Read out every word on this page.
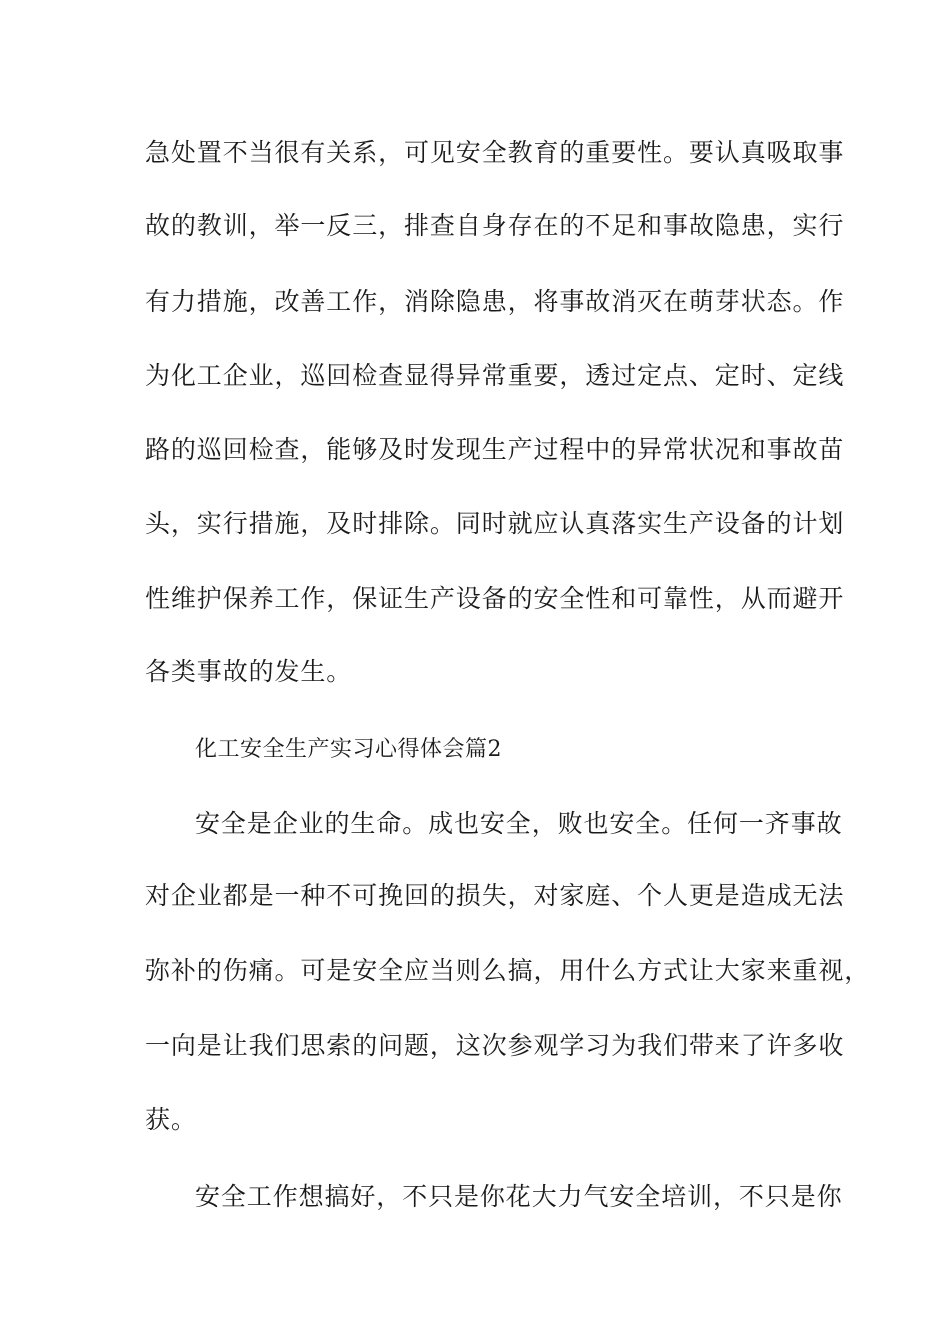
急处置不当很有关系，可见安全教育的重要性。要认真吸取事
故的教训，举一反三，排查自身存在的不足和事故隐患，实行
有力措施，改善工作，消除隐患，将事故消灭在萌芽状态。作
为化工企业，巡回检查显得异常重要，透过定点、定时、定线
路的巡回检查，能够及时发现生产过程中的异常状况和事故苗
头，实行措施，及时排除。同时就应认真落实生产设备的计划
性维护保养工作，保证生产设备的安全性和可靠性，从而避开
各类事故的发生。
化工安全生产实习心得体会篇2
安全是企业的生命。成也安全，败也安全。任何一齐事故
对企业都是一种不可挽回的损失，对家庭、个人更是造成无法
弥补的伤痛。可是安全应当则么搞，用什么方式让大家来重视，
一向是让我们思索的问题，这次参观学习为我们带来了许多收
获。
安全工作想搞好，不只是你花大力气安全培训，不只是你
